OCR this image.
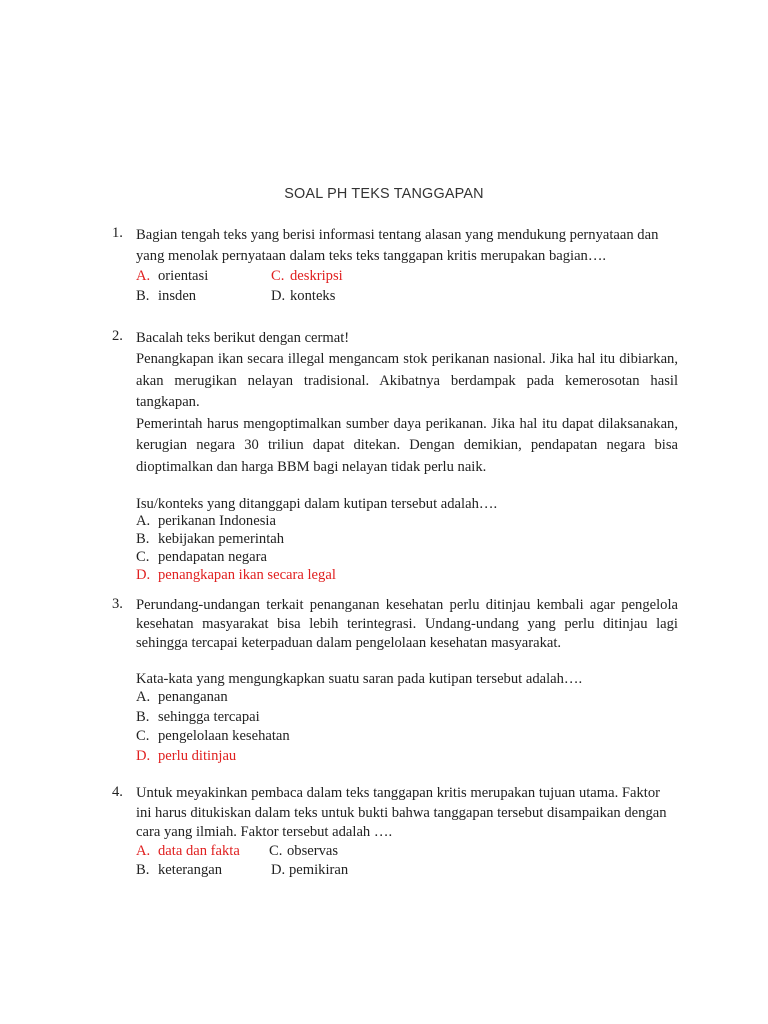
SOAL PH TEKS TANGGAPAN
1. Bagian tengah teks yang berisi informasi tentang alasan yang mendukung pernyataan dan yang menolak pernyataan dalam teks teks tanggapan kritis merupakan bagian….

A. orientasi	C. deskripsi
B. insden	D. konteks
2. Bacalah teks berikut dengan cermat!

Penangkapan ikan secara illegal mengancam stok perikanan nasional. Jika hal itu dibiarkan, akan merugikan nelayan tradisional. Akibatnya berdampak pada kemerosotan hasil tangkapan.

Pemerintah harus mengoptimalkan sumber daya perikanan. Jika hal itu dapat dilaksanakan, kerugian negara 30 triliun dapat ditekan. Dengan demikian, pendapatan negara bisa dioptimalkan dan harga BBM bagi nelayan tidak perlu naik.

Isu/konteks yang ditanggapi dalam kutipan tersebut adalah….

A. perikanan Indonesia
B. kebijakan pemerintah
C. pendapatan negara
D. penangkapan ikan secara legal
3. Perundang-undangan terkait penanganan kesehatan perlu ditinjau kembali agar pengelola kesehatan masyarakat bisa lebih terintegrasi. Undang-undang yang perlu ditinjau lagi sehingga tercapai keterpaduan dalam pengelolaan kesehatan masyarakat.

Kata-kata yang mengungkapkan suatu saran pada kutipan tersebut adalah….

A. penanganan
B. sehingga tercapai
C. pengelolaan kesehatan
D. perlu ditinjau
4. Untuk meyakinkan pembaca dalam teks tanggapan kritis merupakan tujuan utama. Faktor ini harus ditukiskan dalam teks untuk bukti bahwa tanggapan tersebut disampaikan dengan cara yang ilmiah. Faktor tersebut adalah ….

A. data dan fakta C. observas
B. keterangan	D. pemikiran
